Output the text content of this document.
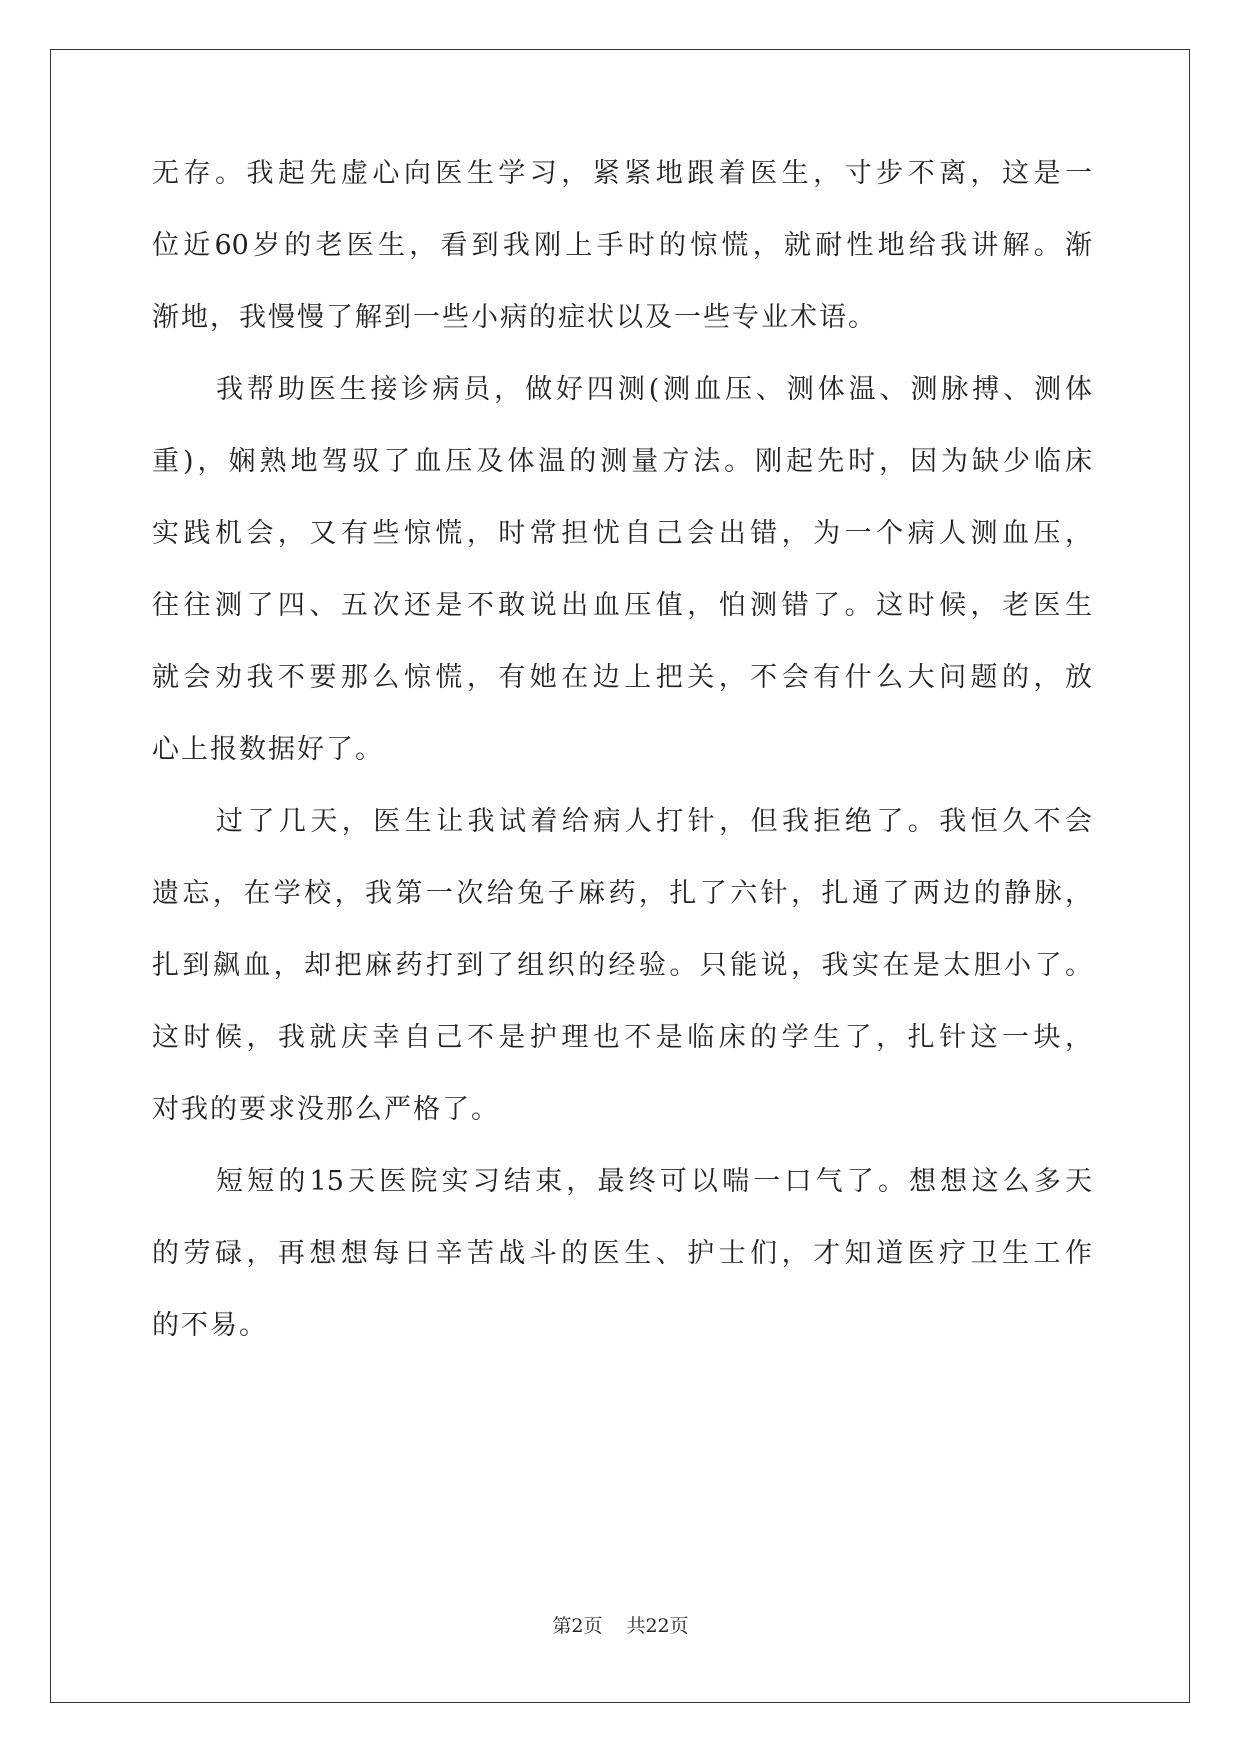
无存。我起先虚心向医生学习，紧紧地跟着医生，寸步不离，这是一
位近60岁的老医生，看到我刚上手时的惊慌，就耐性地给我讲解。渐
渐地，我慢慢了解到一些小病的症状以及一些专业术语。
我帮助医生接诊病员，做好四测(测血压、测体温、测脉搏、测体
重)，娴熟地驾驭了血压及体温的测量方法。刚起先时，因为缺少临床
实践机会，又有些惊慌，时常担忧自己会出错，为一个病人测血压，
往往测了四、五次还是不敢说出血压值，怕测错了。这时候，老医生
就会劝我不要那么惊慌，有她在边上把关，不会有什么大问题的，放
心上报数据好了。
过了几天，医生让我试着给病人打针，但我拒绝了。我恒久不会
遗忘，在学校，我第一次给兔子麻药，扎了六针，扎通了两边的静脉，
扎到飙血，却把麻药打到了组织的经验。只能说，我实在是太胆小了。
这时候，我就庆幸自己不是护理也不是临床的学生了，扎针这一块，
对我的要求没那么严格了。
短短的15天医院实习结束，最终可以喘一口气了。想想这么多天
的劳碌，再想想每日辛苦战斗的医生、护士们，才知道医疗卫生工作
的不易。
第2页 共22页
